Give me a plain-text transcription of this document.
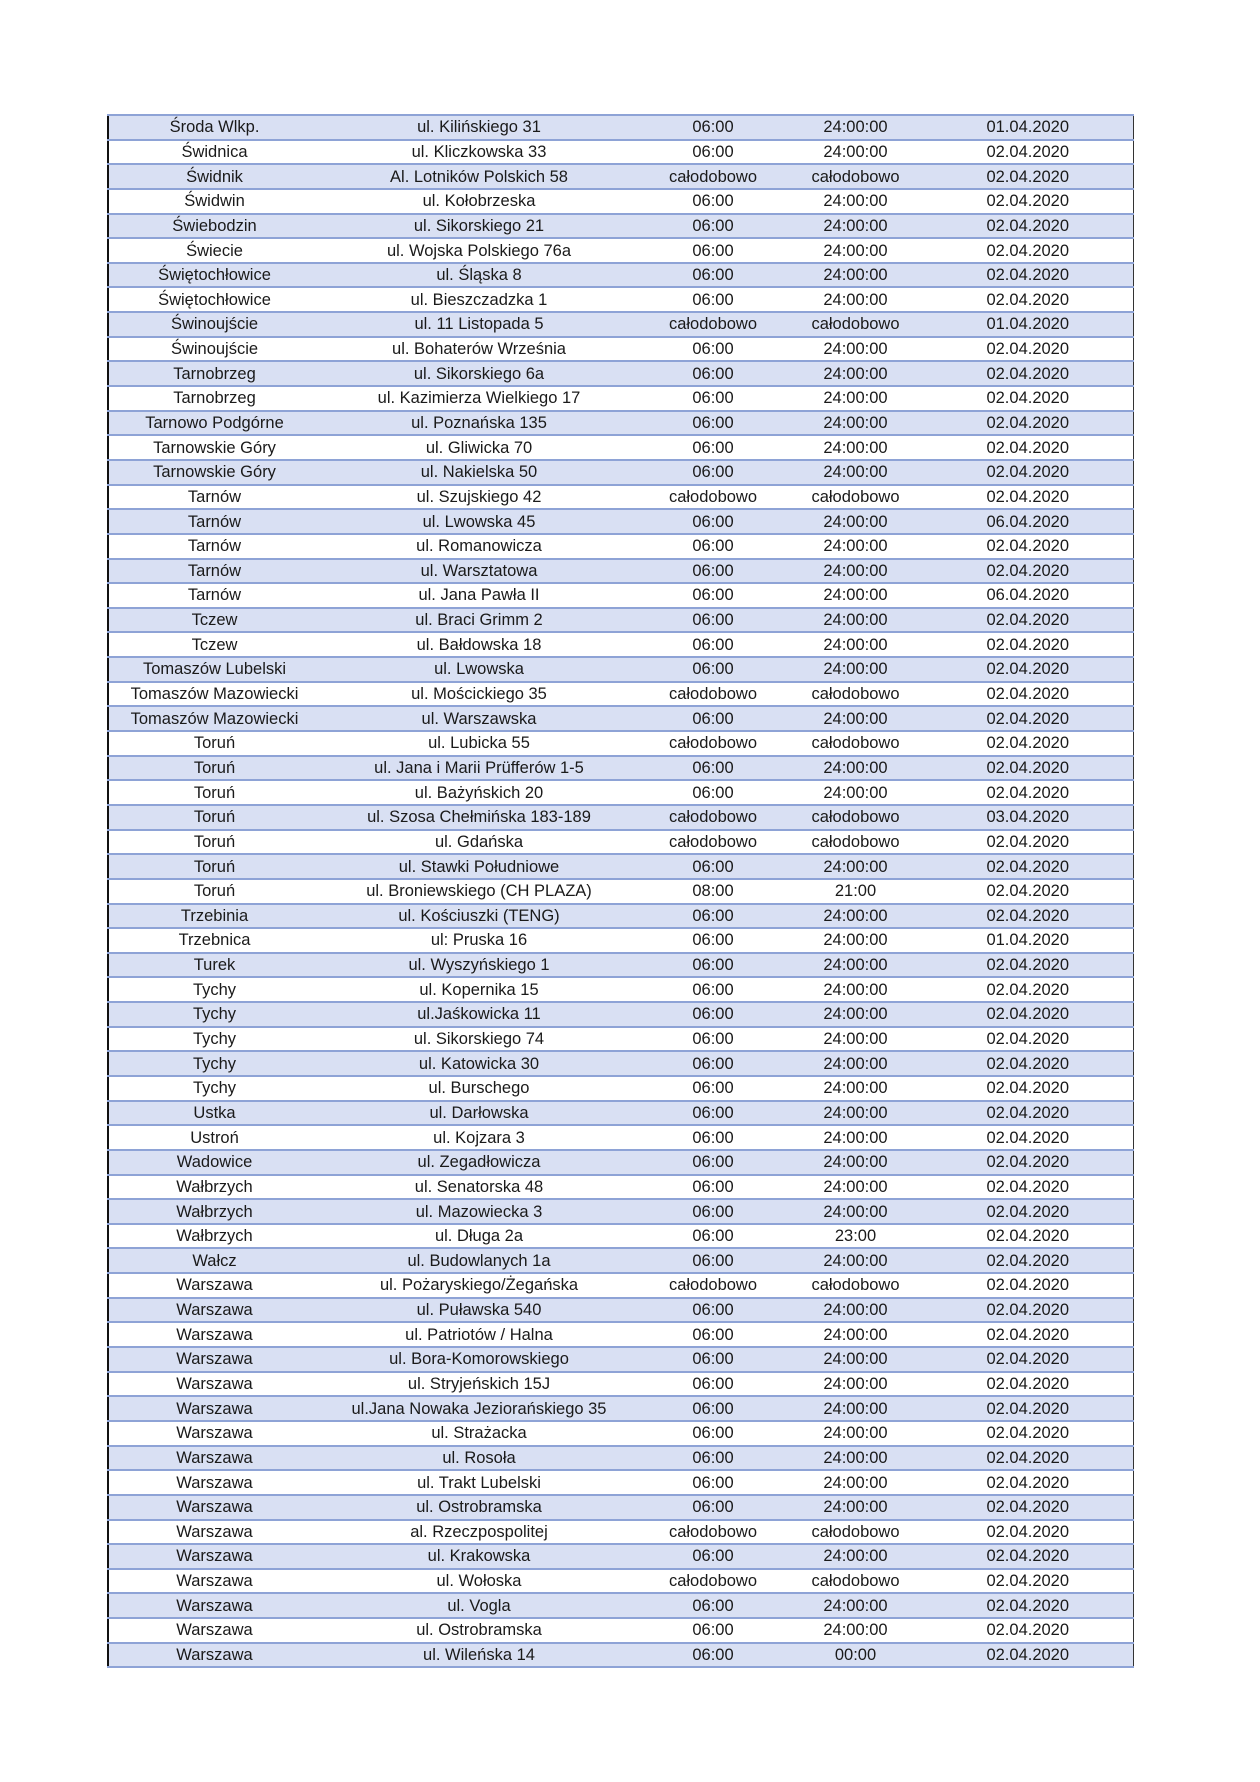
Środa Wlkp.	ul. Kilińskiego 31	06:00	24:00:00	01.04.2020
Świdnica	ul. Kliczkowska 33	06:00	24:00:00	02.04.2020
Świdnik	Al. Lotników Polskich 58	całodobowo	całodobowo	02.04.2020
Świdwin	ul. Kołobrzeska	06:00	24:00:00	02.04.2020
Świebodzin	ul. Sikorskiego 21	06:00	24:00:00	02.04.2020
Świecie	ul. Wojska Polskiego 76a	06:00	24:00:00	02.04.2020
Świętochłowice	ul. Śląska 8	06:00	24:00:00	02.04.2020
Świętochłowice	ul. Bieszczadzka 1	06:00	24:00:00	02.04.2020
Świnoujście	ul. 11 Listopada 5	całodobowo	całodobowo	01.04.2020
Świnoujście	ul. Bohaterów Września	06:00	24:00:00	02.04.2020
Tarnobrzeg	ul. Sikorskiego 6a	06:00	24:00:00	02.04.2020
Tarnobrzeg	ul. Kazimierza Wielkiego 17	06:00	24:00:00	02.04.2020
Tarnowo Podgórne	ul. Poznańska 135	06:00	24:00:00	02.04.2020
Tarnowskie Góry	ul. Gliwicka 70	06:00	24:00:00	02.04.2020
Tarnowskie Góry	ul. Nakielska 50	06:00	24:00:00	02.04.2020
Tarnów	ul. Szujskiego 42	całodobowo	całodobowo	02.04.2020
Tarnów	ul. Lwowska 45	06:00	24:00:00	06.04.2020
Tarnów	ul. Romanowicza	06:00	24:00:00	02.04.2020
Tarnów	ul. Warsztatowa	06:00	24:00:00	02.04.2020
Tarnów	ul. Jana Pawła II	06:00	24:00:00	06.04.2020
Tczew	ul. Braci Grimm 2	06:00	24:00:00	02.04.2020
Tczew	ul. Bałdowska 18	06:00	24:00:00	02.04.2020
Tomaszów Lubelski	ul. Lwowska	06:00	24:00:00	02.04.2020
Tomaszów Mazowiecki	ul. Mościckiego 35	całodobowo	całodobowo	02.04.2020
Tomaszów Mazowiecki	ul. Warszawska	06:00	24:00:00	02.04.2020
Toruń	ul. Lubicka 55	całodobowo	całodobowo	02.04.2020
Toruń	ul. Jana i Marii Prüfferów 1-5	06:00	24:00:00	02.04.2020
Toruń	ul. Bażyńskich 20	06:00	24:00:00	02.04.2020
Toruń	ul. Szosa Chełmińska 183-189	całodobowo	całodobowo	03.04.2020
Toruń	ul. Gdańska	całodobowo	całodobowo	02.04.2020
Toruń	ul. Stawki Południowe	06:00	24:00:00	02.04.2020
Toruń	ul. Broniewskiego (CH PLAZA)	08:00	21:00	02.04.2020
Trzebinia	ul. Kościuszki (TENG)	06:00	24:00:00	02.04.2020
Trzebnica	ul: Pruska 16	06:00	24:00:00	01.04.2020
Turek	ul. Wyszyńskiego 1	06:00	24:00:00	02.04.2020
Tychy	ul. Kopernika 15	06:00	24:00:00	02.04.2020
Tychy	ul.Jaśkowicka 11	06:00	24:00:00	02.04.2020
Tychy	ul. Sikorskiego 74	06:00	24:00:00	02.04.2020
Tychy	ul. Katowicka 30	06:00	24:00:00	02.04.2020
Tychy	ul. Burschego	06:00	24:00:00	02.04.2020
Ustka	ul. Darłowska	06:00	24:00:00	02.04.2020
Ustroń	ul. Kojzara 3	06:00	24:00:00	02.04.2020
Wadowice	ul. Zegadłowicza	06:00	24:00:00	02.04.2020
Wałbrzych	ul. Senatorska 48	06:00	24:00:00	02.04.2020
Wałbrzych	ul. Mazowiecka 3	06:00	24:00:00	02.04.2020
Wałbrzych	ul. Długa 2a	06:00	23:00	02.04.2020
Wałcz	ul. Budowlanych 1a	06:00	24:00:00	02.04.2020
Warszawa	ul. Pożaryskiego/Żegańska	całodobowo	całodobowo	02.04.2020
Warszawa	ul. Puławska 540	06:00	24:00:00	02.04.2020
Warszawa	ul. Patriotów / Halna	06:00	24:00:00	02.04.2020
Warszawa	ul. Bora-Komorowskiego	06:00	24:00:00	02.04.2020
Warszawa	ul. Stryjeńskich 15J	06:00	24:00:00	02.04.2020
Warszawa	ul.Jana Nowaka Jeziorańskiego 35	06:00	24:00:00	02.04.2020
Warszawa	ul. Strażacka	06:00	24:00:00	02.04.2020
Warszawa	ul. Rosoła	06:00	24:00:00	02.04.2020
Warszawa	ul. Trakt Lubelski	06:00	24:00:00	02.04.2020
Warszawa	ul. Ostrobramska	06:00	24:00:00	02.04.2020
Warszawa	al. Rzeczpospolitej	całodobowo	całodobowo	02.04.2020
Warszawa	ul. Krakowska	06:00	24:00:00	02.04.2020
Warszawa	ul. Wołoska	całodobowo	całodobowo	02.04.2020
Warszawa	ul. Vogla	06:00	24:00:00	02.04.2020
Warszawa	ul. Ostrobramska	06:00	24:00:00	02.04.2020
Warszawa	ul. Wileńska 14	06:00	00:00	02.04.2020
